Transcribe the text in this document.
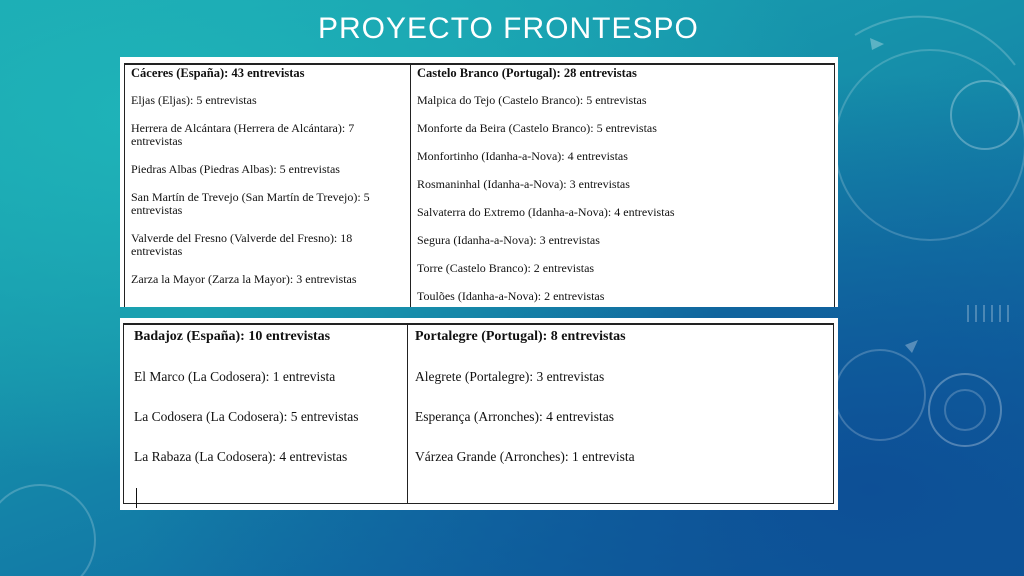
PROYECTO FRONTESPO
Cáceres (España): 43 entrevistas
Eljas (Eljas): 5 entrevistas
Herrera de Alcántara (Herrera de Alcántara): 7 entrevistas
Piedras Albas (Piedras Albas): 5 entrevistas
San Martín de Trevejo (San Martín de Trevejo): 5 entrevistas
Valverde del Fresno (Valverde del Fresno): 18 entrevistas
Zarza la Mayor (Zarza la Mayor): 3 entrevistas
Castelo Branco (Portugal): 28 entrevistas
Malpica do Tejo (Castelo Branco): 5 entrevistas
Monforte da Beira (Castelo Branco): 5 entrevistas
Monfortinho (Idanha-a-Nova): 4 entrevistas
Rosmaninhal (Idanha-a-Nova): 3 entrevistas
Salvaterra do Extremo (Idanha-a-Nova): 4 entrevistas
Segura (Idanha-a-Nova): 3 entrevistas
Torre (Castelo Branco): 2 entrevistas
Toulões (Idanha-a-Nova): 2 entrevistas
Badajoz (España): 10 entrevistas
El Marco (La Codosera): 1 entrevista
La Codosera (La Codosera): 5 entrevistas
La Rabaza (La Codosera): 4 entrevistas
Portalegre (Portugal): 8 entrevistas
Alegrete (Portalegre): 3 entrevistas
Esperança (Arronches): 4 entrevistas
Várzea Grande (Arronches): 1 entrevista
